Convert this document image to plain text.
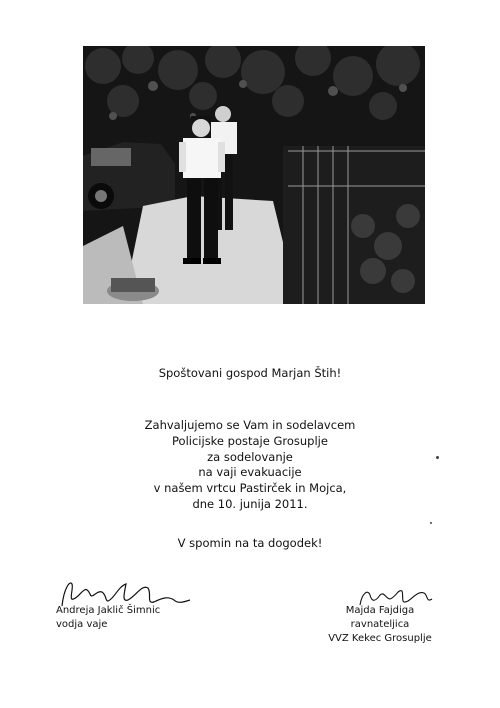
Spoštovani gospod Marjan Štih!
Zahvaljujemo se Vam in sodelavcem
Policijske postaje Grosuplje
za sodelovanje
na vaji evakuacije
v našem vrtcu Pastirček in Mojca,
dne 10. junija 2011.
V spomin na ta dogodek!
Andreja Jaklič Šimnic
vodja vaje
Majda Fajdiga
ravnateljica
VVZ Kekec Grosuplje
